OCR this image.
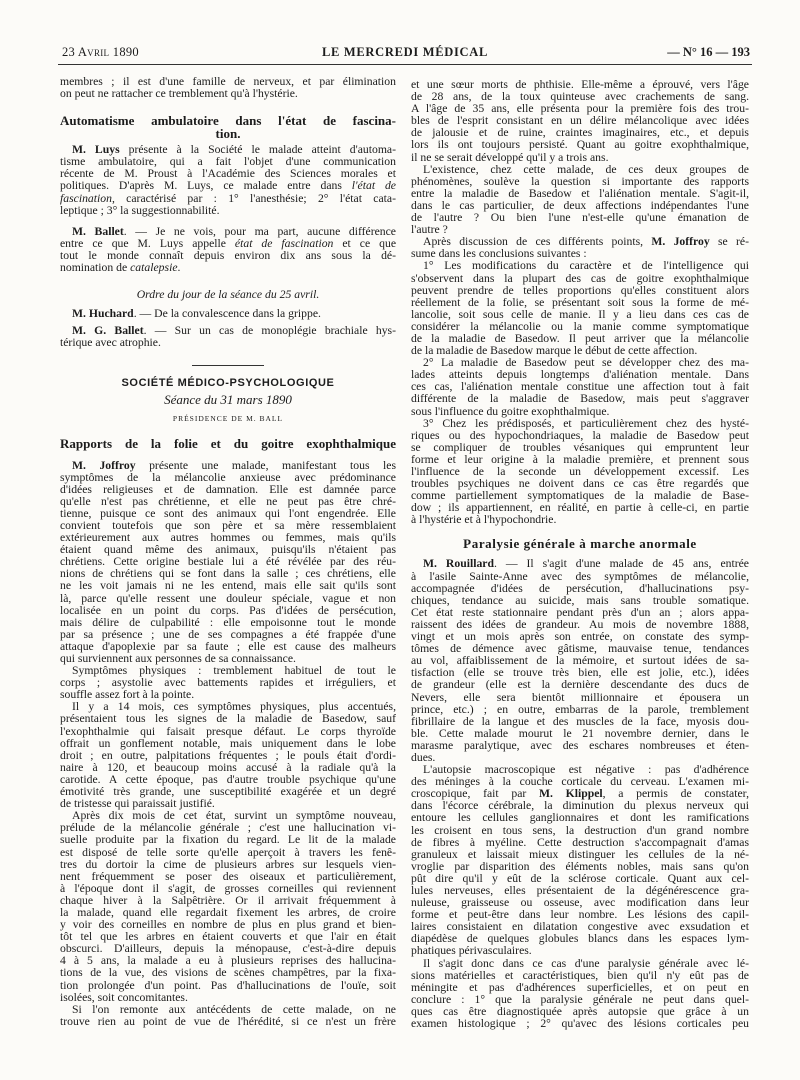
23 Avril 1890	LE MERCREDI MÉDICAL	— N° 16 — 193
membres ; il est d'une famille de nerveux, et par élimination
on peut ne rattacher ce tremblement qu'à l'hystérie.
Automatisme ambulatoire dans l'état de fascina-
tion.
M. Luys présente à la Société le malade atteint d'automa-
tisme ambulatoire, qui a fait l'objet d'une communication
récente de M. Proust à l'Académie des Sciences morales et
politiques. D'après M. Luys, ce malade entre dans l'état de
fascination, caractérisé par : 1° l'anesthésie; 2° l'état cata-
leptique ; 3° la suggestionnabilité.
M. Ballet. — Je ne vois, pour ma part, aucune différence
entre ce que M. Luys appelle état de fascination et ce que
tout le monde connaît depuis environ dix ans sous la dé-
nomination de catalepsie.
Ordre du jour de la séance du 25 avril.
M. Huchard. — De la convalescence dans la grippe.
M. G. Ballet. — Sur un cas de monoplégie brachiale hys-
térique avec atrophie.
SOCIÉTÉ MÉDICO-PSYCHOLOGIQUE
Séance du 31 mars 1890
PRÉSIDENCE DE M. BALL
Rapports de la folie et du goitre exophthalmique
M. Joffroy présente une malade, manifestant tous les
symptômes de la mélancolie anxieuse avec prédominance
d'idées religieuses et de damnation. Elle est damnée parce
qu'elle n'est pas chrétienne, et elle ne peut pas être chré-
tienne, puisque ce sont des animaux qui l'ont engendrée. Elle
convient toutefois que son père et sa mère ressemblaient
extérieurement aux autres hommes ou femmes, mais qu'ils
étaient quand même des animaux, puisqu'ils n'étaient pas
chrétiens. Cette origine bestiale lui a été révélée par des réu-
nions de chrétiens qui se font dans la salle ; ces chrétiens, elle
ne les voit jamais ni ne les entend, mais elle sait qu'ils sont
là, parce qu'elle ressent une douleur spéciale, vague et non
localisée en un point du corps. Pas d'idées de persécution,
mais délire de culpabilité : elle empoisonne tout le monde
par sa présence ; une de ses compagnes a été frappée d'une
attaque d'apoplexie par sa faute ; elle est cause des malheurs
qui surviennent aux personnes de sa connaissance.
Symptômes physiques : tremblement habituel de tout le
corps ; asystolie avec battements rapides et irréguliers, et
souffle assez fort à la pointe.
Il y a 14 mois, ces symptômes physiques, plus accentués,
présentaient tous les signes de la maladie de Basedow, sauf
l'exophthalmie qui faisait presque défaut. Le corps thyroïde
offrait un gonflement notable, mais uniquement dans le lobe
droit ; en outre, palpitations fréquentes ; le pouls était d'ordi-
naire à 120, et beaucoup moins accusé à la radiale qu'à la
carotide. A cette époque, pas d'autre trouble psychique qu'une
émotivité très grande, une susceptibilité exagérée et un degré
de tristesse qui paraissait justifié.
Après dix mois de cet état, survint un symptôme nouveau,
prélude de la mélancolie générale ; c'est une hallucination vi-
suelle produite par la fixation du regard. Le lit de la malade
est disposé de telle sorte qu'elle aperçoit à travers les fenê-
tres du dortoir la cime de plusieurs arbres sur lesquels vien-
nent fréquemment se poser des oiseaux et particulièrement,
à l'époque dont il s'agit, de grosses corneilles qui reviennent
chaque hiver à la Salpêtrière. Or il arrivait fréquemment à
la malade, quand elle regardait fixement les arbres, de croire
y voir des corneilles en nombre de plus en plus grand et bien-
tôt tel que les arbres en étaient couverts et que l'air en était
obscurci. D'ailleurs, depuis la ménopause, c'est-à-dire depuis
4 à 5 ans, la malade a eu à plusieurs reprises des hallucina-
tions de la vue, des visions de scènes champêtres, par la fixa-
tion prolongée d'un point. Pas d'hallucinations de l'ouïe, soit
isolées, soit concomitantes.
Si l'on remonte aux antécédents de cette malade, on ne
trouve rien au point de vue de l'hérédité, si ce n'est un frère
et une sœur morts de phthisie. Elle-même a éprouvé, vers l'âge
de 28 ans, de la toux quinteuse avec crachements de sang.
A l'âge de 35 ans, elle présenta pour la première fois des trou-
bles de l'esprit consistant en un délire mélancolique avec idées
de jalousie et de ruine, craintes imaginaires, etc., et depuis
lors ils ont toujours persisté. Quant au goitre exophthalmique,
il ne se serait développé qu'il y a trois ans.
L'existence, chez cette malade, de ces deux groupes de
phénomènes, soulève la question si importante des rapports
entre la maladie de Basedow et l'aliénation mentale. S'agit-il,
dans le cas particulier, de deux affections indépendantes l'une
de l'autre ? Ou bien l'une n'est-elle qu'une émanation de
l'autre ?
Après discussion de ces différents points, M. Joffroy se ré-
sume dans les conclusions suivantes :
1° Les modifications du caractère et de l'intelligence qui
s'observent dans la plupart des cas de goitre exophthalmique
peuvent prendre de telles proportions qu'elles constituent alors
réellement de la folie, se présentant soit sous la forme de mé-
lancolie, soit sous celle de manie. Il y a lieu dans ces cas de
considérer la mélancolie ou la manie comme symptomatique
de la maladie de Basedow. Il peut arriver que la mélancolie
de la maladie de Basedow marque le début de cette affection.
2° La maladie de Basedow peut se développer chez des ma-
lades atteints depuis longtemps d'aliénation mentale. Dans
ces cas, l'aliénation mentale constitue une affection tout à fait
différente de la maladie de Basedow, mais peut s'aggraver
sous l'influence du goitre exophthalmique.
3° Chez les prédisposés, et particulièrement chez des hysté-
riques ou des hypochondriaques, la maladie de Basedow peut
se compliquer de troubles vésaniques qui empruntent leur
forme et leur origine à la maladie première, et prennent sous
l'influence de la seconde un développement excessif. Les
troubles psychiques ne doivent dans ce cas être regardés que
comme partiellement symptomatiques de la maladie de Base-
dow ; ils appartiennent, en réalité, en partie à celle-ci, en partie
à l'hystérie et à l'hypochondrie.
Paralysie générale à marche anormale
M. Rouillard. — Il s'agit d'une malade de 45 ans, entrée
à l'asile Sainte-Anne avec des symptômes de mélancolie,
accompagnée d'idées de persécution, d'hallucinations psy-
chiques, tendance au suicide, mais sans trouble somatique.
Cet état reste stationnaire pendant près d'un an ; alors appa-
raissent des idées de grandeur. Au mois de novembre 1888,
vingt et un mois après son entrée, on constate des symp-
tômes de démence avec gâtisme, mauvaise tenue, tendances
au vol, affaiblissement de la mémoire, et surtout idées de sa-
tisfaction (elle se trouve très bien, elle est jolie, etc.), idées
de grandeur (elle est la dernière descendante des ducs de
Nevers, elle sera bientôt millionnaire et épousera un
prince, etc.) ; en outre, embarras de la parole, tremblement
fibrillaire de la langue et des muscles de la face, myosis dou-
ble. Cette malade mourut le 21 novembre dernier, dans le
marasme paralytique, avec des eschares nombreuses et éten-
dues.
L'autopsie macroscopique est négative : pas d'adhérence
des méninges à la couche corticale du cerveau. L'examen mi-
croscopique, fait par M. Klippel, a permis de constater,
dans l'écorce cérébrale, la diminution du plexus nerveux qui
entoure les cellules ganglionnaires et dont les ramifications
les croisent en tous sens, la destruction d'un grand nombre
de fibres à myéline. Cette destruction s'accompagnait d'amas
granuleux et laissait mieux distinguer les cellules de la né-
vroglie par disparition des éléments nobles, mais sans qu'on
pût dire qu'il y eût de la sclérose corticale. Quant aux cel-
lules nerveuses, elles présentaient de la dégénérescence gra-
nuleuse, graisseuse ou osseuse, avec modification dans leur
forme et peut-être dans leur nombre. Les lésions des capil-
laires consistaient en dilatation congestive avec exsudation et
diapédèse de quelques globules blancs dans les espaces lym-
phatiques périvasculaires.
Il s'agit donc dans ce cas d'une paralysie générale avec lé-
sions matérielles et caractéristiques, bien qu'il n'y eût pas de
méningite et pas d'adhérences superficielles, et on peut en
conclure : 1° que la paralysie générale ne peut dans quel-
ques cas être diagnostiquée après autopsie que grâce à un
examen histologique ; 2° qu'avec des lésions corticales peu
